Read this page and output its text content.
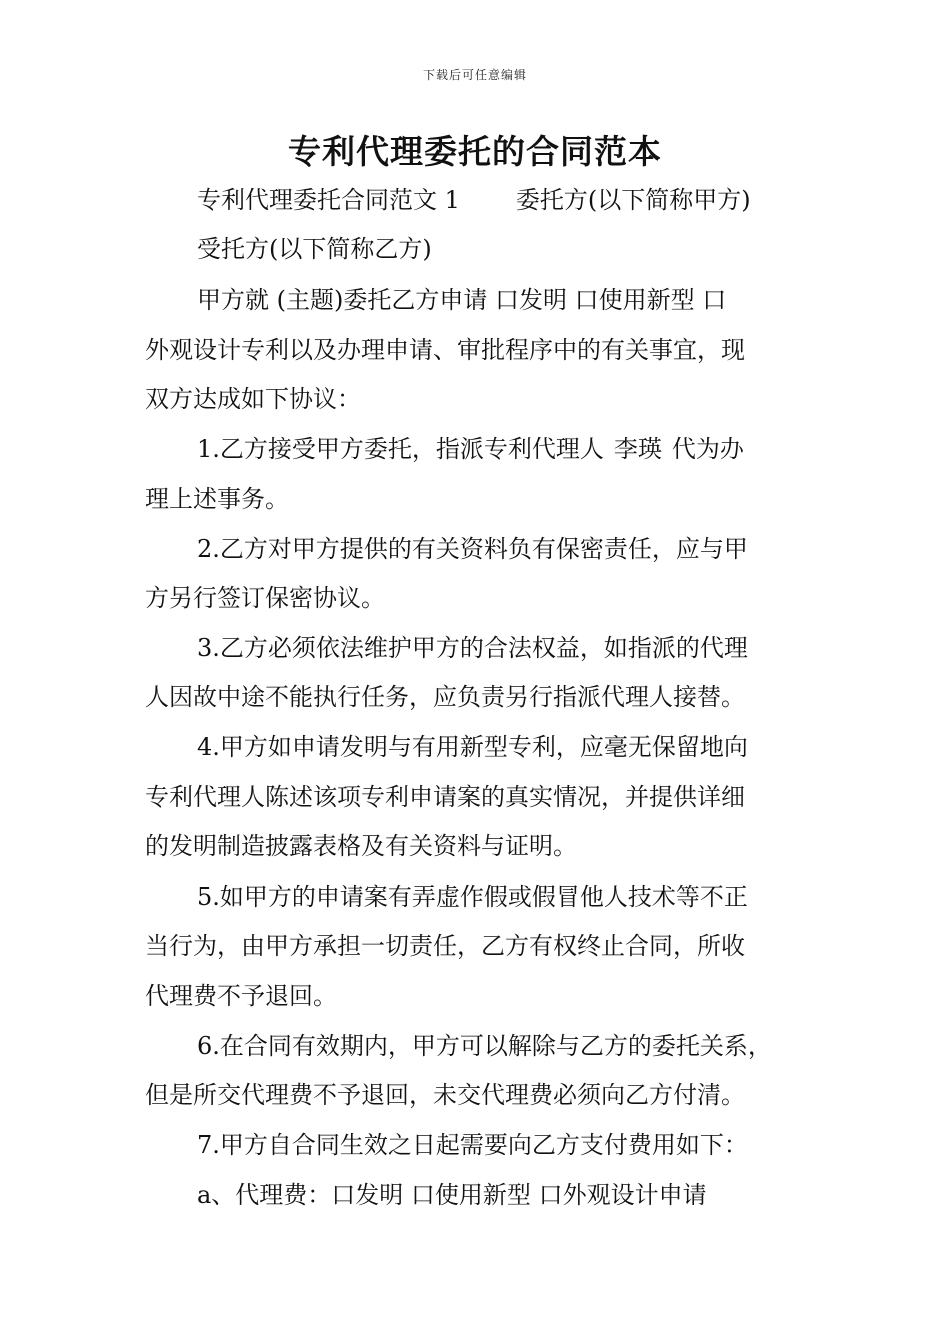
下载后可任意编辑
专利代理委托的合同范本
专利代理委托合同范文 1 委托方(以下简称甲方)
受托方(以下简称乙方)
甲方就 (主题)委托乙方申请 口发明 口使用新型 口
外观设计专利以及办理申请、审批程序中的有关事宜，现
双方达成如下协议：
1.乙方接受甲方委托，指派专利代理人 李瑛 代为办
理上述事务。
2.乙方对甲方提供的有关资料负有保密责任，应与甲
方另行签订保密协议。
3.乙方必须依法维护甲方的合法权益，如指派的代理
人因故中途不能执行任务，应负责另行指派代理人接替。
4.甲方如申请发明与有用新型专利，应毫无保留地向
专利代理人陈述该项专利申请案的真实情况，并提供详细
的发明制造披露表格及有关资料与证明。
5.如甲方的申请案有弄虚作假或假冒他人技术等不正
当行为，由甲方承担一切责任，乙方有权终止合同，所收
代理费不予退回。
6.在合同有效期内，甲方可以解除与乙方的委托关系，
但是所交代理费不予退回，未交代理费必须向乙方付清。
7.甲方自合同生效之日起需要向乙方支付费用如下：
a、代理费：口发明 口使用新型 口外观设计申请
